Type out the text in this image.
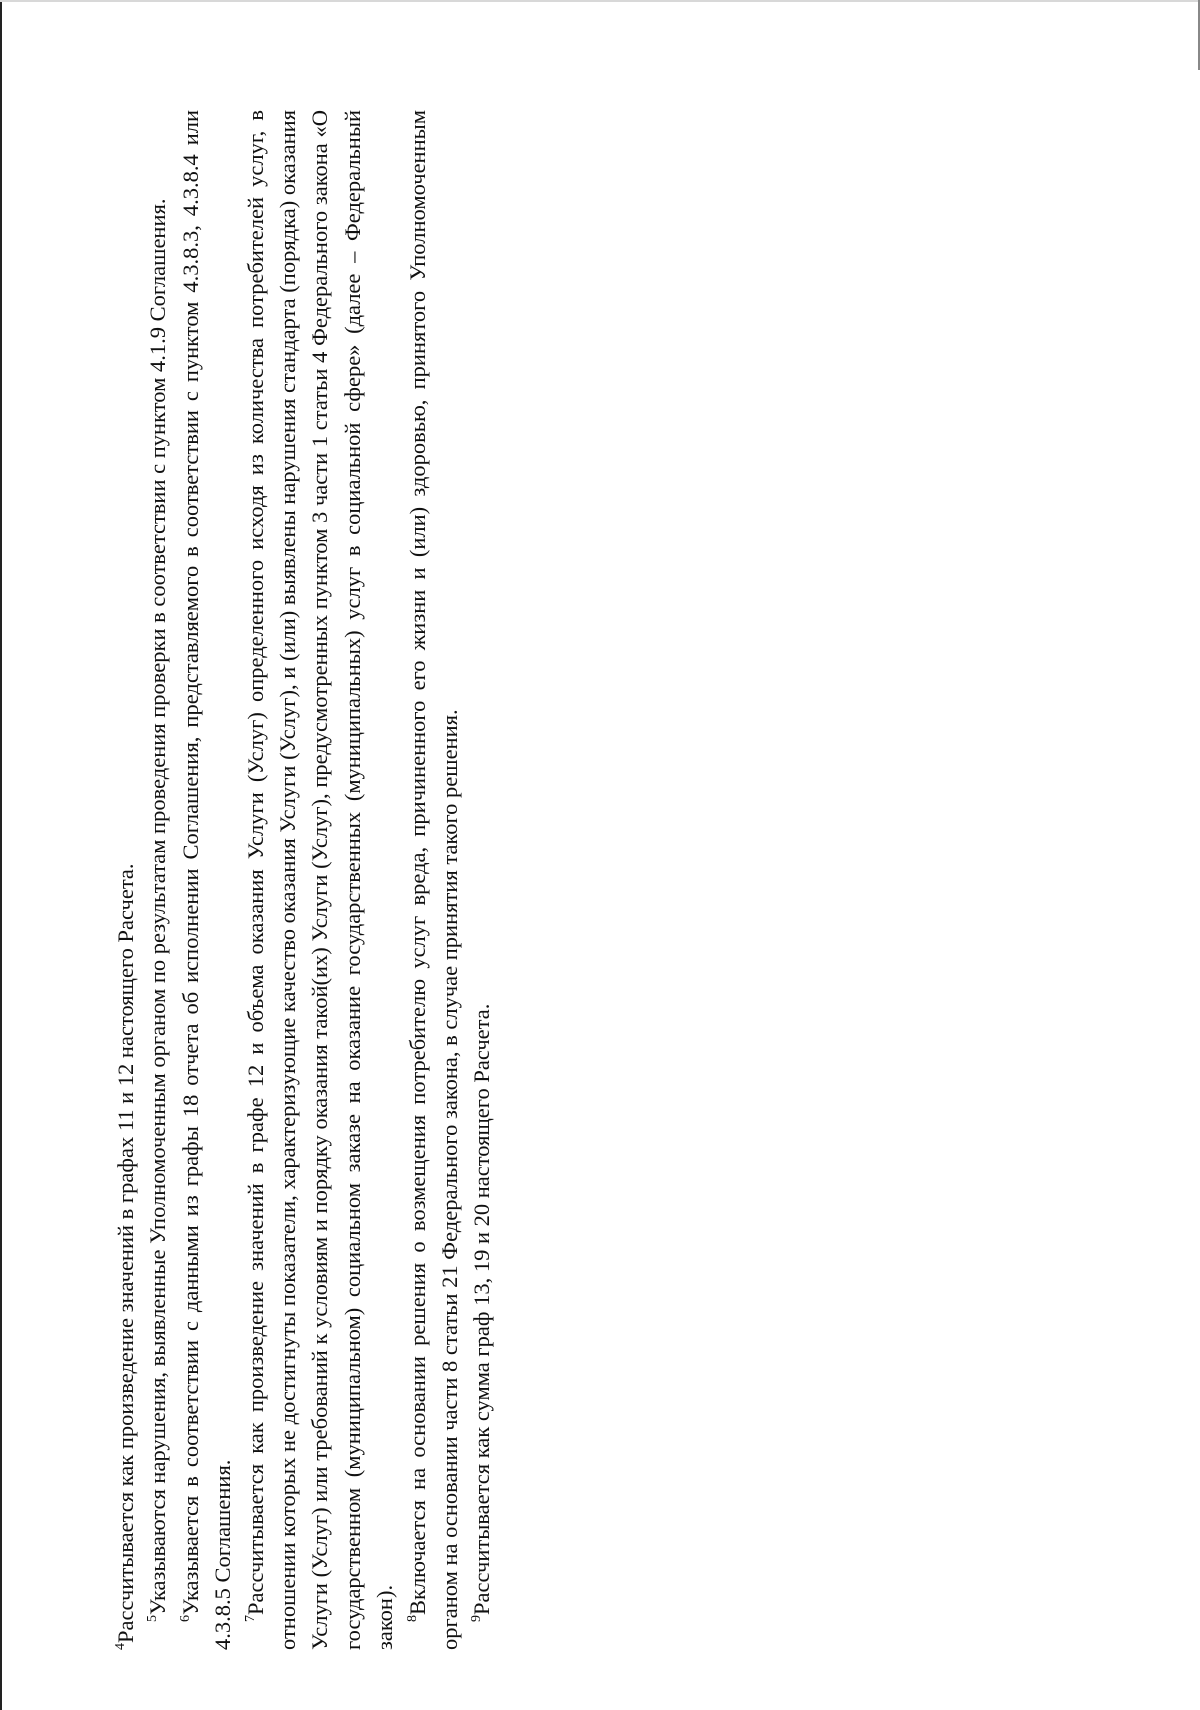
$^4$Рассчитывается как произведение значений в графах 11 и 12 настоящего Расчета. $^5$Указываются нарушения, выявленные Уполномоченным органом по результатам проведения проверки в соответствии с пунктом 4.1.9 Соглашения.

$^6$Указывается в соответствии с данными из графы 18 отчета об исполнении Соглашения, представляемого в соответствии с пунктом 4.3.8.3, 4.3.8.4 или 4.3.8.5 Соглашения. $^7$Рассчитывается как произведение значений в графе 12 и объема оказания Услуги (Услуг) определенного исходя из количества потребителей услуг, в отношении которых не достигнуты показатели, характеризующие качество оказания Услуги (Услуг), и (или) выявлены нарушения стандарта (порядка) оказания Услуги (Услуг) или требований к условиям и порядку оказания такой(их) Услуги (Услуг), предусмотренных пунктом 3 части 1 статьи 4 Федерального закона «О государственном (муниципальном) социальном заказе на оказание государственных (муниципальных) услуг в социальной сфере» (далее – Федеральный закон). $^8$Включается на основании решения о возмещения потребителю услуг вреда, причиненного его жизни и (или) здоровью, принятого Уполномоченным органом на основании части 8 статьи 21 Федерального закона, в случае принятия такого решения. $^9$Рассчитывается как сумма граф 13, 19 и 20 настоящего Расчета.
